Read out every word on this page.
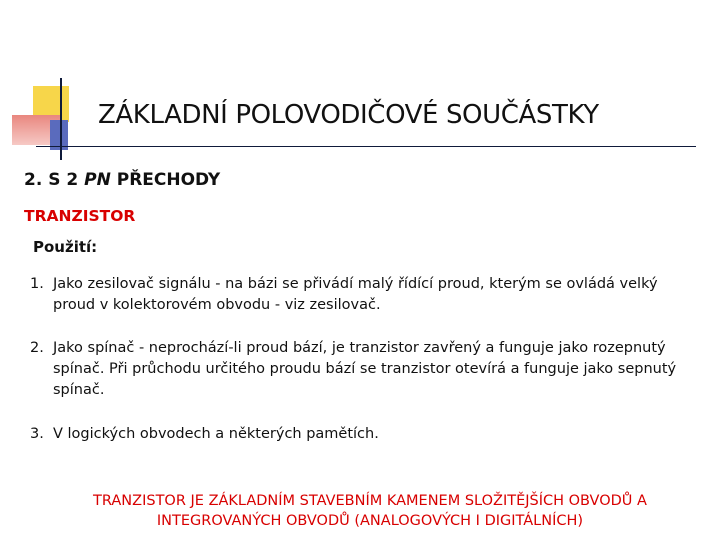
ZÁKLADNÍ POLOVODIČOVÉ SOUČÁSTKY
2. S 2 PN PŘECHODY
TRANZISTOR
Použití:
1. Jako zesilovač signálu - na bázi se přivádí malý řídící proud, kterým se ovládá velký proud v kolektorovém obvodu - viz zesilovač.
2. Jako spínač - neprochází-li proud bází, je tranzistor zavřený a funguje jako rozepnutý spínač. Při průchodu určitého proudu bází se tranzistor otevírá a funguje jako sepnutý spínač.
3. V logických obvodech a některých pamětích.
TRANZISTOR JE ZÁKLADNÍM STAVEBNÍM KAMENEM SLOŽITĚJŠÍCH OBVODŮ A
INTEGROVANÝCH OBVODŮ (ANALOGOVÝCH I DIGITÁLNÍCH)
